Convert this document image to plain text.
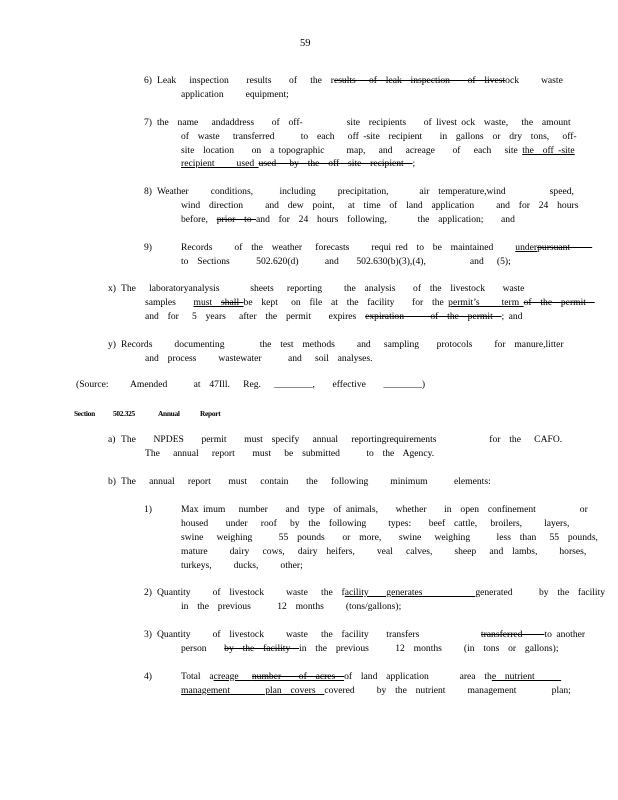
59
6) Leak   inspection    results    of   the  results   of  leak  inspection    of  livestock     waste
application     equipment;
7) the  name   andaddress    of  off-          site  recipients    of livest ock  waste,   the  amount
of  waste   transferred      to  each   off -site  recipient    in  gallons  or  dry  tons,   off-
site  location    on  a topographic     map,   and   acreage    of   each   site the  off -site
recipient     used used   by  the  off  site  recipient  ;
8) Weather     conditions,      including     precipitation,       air  temperature,wind          speed,
wind  direction     and  dew  point,   at  time  of  land  application     and  for  24  hours
before,  prior  to and  for  24  hours  following,       the  application;    and
9)	Records     of  the  weather   forecasts     requi red  to  be  maintained     underpursuant
to  Sections      502.620(d)      and    502.630(b)(3),(4),          and   (5);
x) The   laboratoryanalysis       sheets   reporting     the  analysis    of  the  livestock    waste
samples    must  shall be  kept   on  file  at  the  facility    for  the permit’s     term of  the  permit
and  for   5  years   after  the  permit    expires  expiration      of  the  permit  ; and
y) Records     documenting        the  test  methods     and   sampling    protocols     for  manure,litter
and  process     wastewater      and   soil  analyses.
(Source:     Amended      at  47Ill.   Reg.   ________,    effective    ________)
Section 502.325	Annual	Report
a) The    NPDES    permit    must  specify   annual   reportingrequirements            for  the   CAFO.
The   annual   report    must   be  submitted      to  the  Agency.
b) The   annual   report    must   contain    the   following     minimum      elements:
1)	Max imum   number    and  type  of animals,    whether    in  open  confinement          or
housed    under   roof   by  the  following     types:    beef  cattle,   broilers,     layers,
swine   weighing      55  pounds    or  more,    swine   weighing      less  than   55  pounds,
mature     dairy   cows,   dairy  heifers,     veal   calves,     sheep   and  lambs,     horses,
turkeys,     ducks,     other;
2) Quantity     of  livestock     waste   the  facility    generates            generated      by  the  facility
in  the  previous      12  months     (tons/gallons);
3) Quantity     of  livestock     waste   the  facility    transfers              transferred     to another
person    by  the  facility  in  the  previous      12  months     (in  tons  or  gallons);
4)	Total  acreage   number    of  acres  of  land  application       area  the  nutrient
management        plan  covers  covered     by  the  nutrient     management        plan;
